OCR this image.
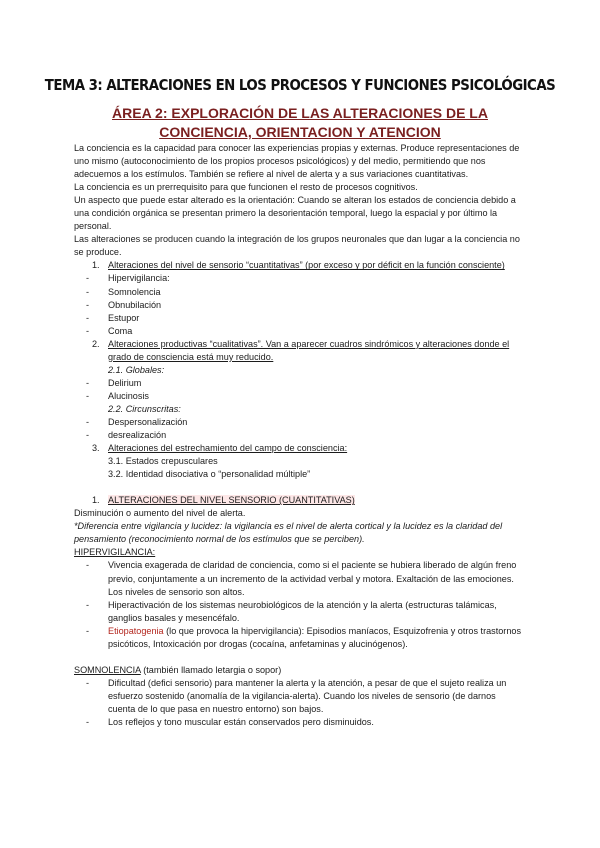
TEMA 3: ALTERACIONES EN LOS PROCESOS Y FUNCIONES PSICOLÓGICAS
ÁREA 2: EXPLORACIÓN DE LAS ALTERACIONES DE LA
CONCIENCIA, ORIENTACION Y ATENCION

La conciencia es la capacidad para conocer las experiencias propias y externas. Produce representaciones de uno mismo (autoconocimiento de los propios procesos psicológicos) y del medio, permitiendo que nos adecuemos a los estímulos. También se refiere al nivel de alerta y a sus variaciones cuantitativas.

La conciencia es un prerrequisito para que funcionen el resto de procesos cognitivos.

Un aspecto que puede estar alterado es la orientación: Cuando se alteran los estados de conciencia debido a una condición orgánica se presentan primero la desorientación temporal, luego la espacial y por último la personal.

Las alteraciones se producen cuando la integración de los grupos neuronales que dan lugar a la conciencia no se produce.

1. Alteraciones del nivel de sensorio “cuantitativas” (por exceso y por déficit en la función consciente)
-	Hipervigilancia:
-	Somnolencia
-	Obnubilación
-	Estupor
-	Coma
2. Alteraciones productivas “cualitativas”. Van a aparecer cuadros sindrómicos y alteraciones donde el grado de consciencia está muy reducido.
2.1. Globales:
-	Delirium
-	Alucinosis
2.2. Circunscritas:
-	Despersonalización
-	desrealización
3. Alteraciones del estrechamiento del campo de consciencia:
3.1. Estados crepusculares
3.2. Identidad disociativa o “personalidad múltiple”
1. ALTERACIONES DEL NIVEL SENSORIO (CUANTITATIVAS)

Disminución o aumento del nivel de alerta.

*Diferencia entre vigilancia y lucidez: la vigilancia es el nivel de alerta cortical y la lucidez es la claridad del pensamiento (reconocimiento normal de los estímulos que se perciben).

HIPERVIGILANCIA:

-	Vivencia exagerada de claridad de conciencia, como si el paciente se hubiera liberado de algún freno previo, conjuntamente a un incremento de la actividad verbal y motora. Exaltación de las emociones. Los niveles de sensorio son altos.
-	Hiperactivación de los sistemas neurobiológicos de la atención y la alerta (estructuras talámicas, ganglios basales y mesencéfalo.
-	Etiopatogenia (lo que provoca la hipervigilancia): Episodios maníacos, Esquizofrenia y otros trastornos psicóticos, Intoxicación por drogas (cocaína, anfetaminas y alucinógenos).

SOMNOLENCIA (también llamado letargia o sopor)

-	Dificultad (defici sensorio) para mantener la alerta y la atención, a pesar de que el sujeto realiza un esfuerzo sostenido (anomalía de la vigilancia-alerta). Cuando los niveles de sensorio (de darnos cuenta de lo que pasa en nuestro entorno) son bajos.
-	Los reflejos y tono muscular están conservados pero disminuidos.
